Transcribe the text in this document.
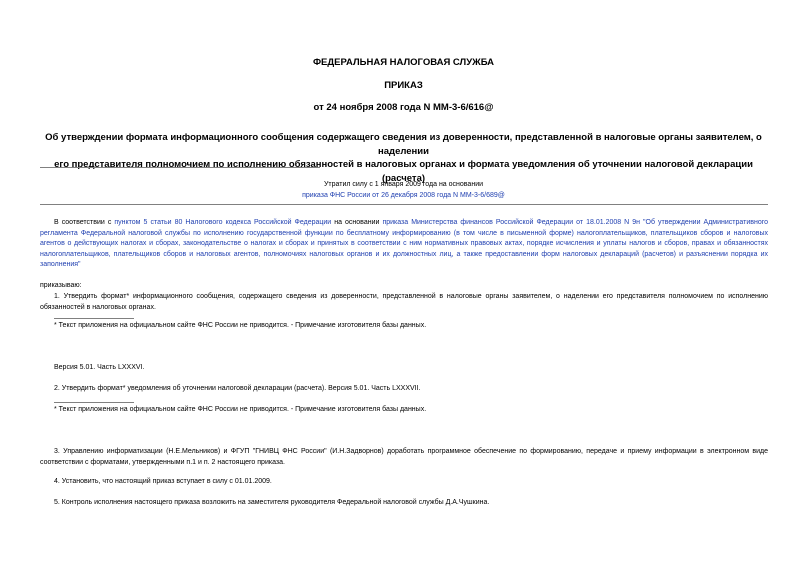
ФЕДЕРАЛЬНАЯ НАЛОГОВАЯ СЛУЖБА
ПРИКАЗ
от 24 ноября 2008 года N ММ-3-6/616@
Об утверждении формата информационного сообщения содержащего сведения из доверенности, представленной в налоговые органы заявителем, о наделении
его представителя полномочием по исполнению обязанностей в налоговых органах и формата уведомления об уточнении налоговой декларации (расчета)
Утратил силу с 1 января 2009 года на основании
приказа ФНС России от 26 декабря 2008 года N ММ-3-6/689@
В соответствии с пунктом 5 статьи 80 Налогового кодекса Российской Федерации на основании приказа Министерства финансов Российской Федерации от 18.01.2008 N 9н "Об утверждении Административного регламента Федеральной налоговой службы по исполнению государственной функции по бесплатному информированию (в том числе в письменной форме) налогоплательщиков, плательщиков сборов и налоговых агентов о действующих налогах и сборах, законодательстве о налогах и сборах и принятых в соответствии с ним нормативных правовых актах, порядке исчисления и уплаты налогов и сборов, правах и обязанностях налогоплательщиков, плательщиков сборов и налоговых агентов, полномочиях налоговых органов и их должностных лиц, а также предоставлении форм налоговых деклараций (расчетов) и разъяснении порядка их заполнения"
приказываю:
1. Утвердить формат* информационного сообщения, содержащего сведения из доверенности, представленной в налоговые органы заявителем, о наделении его представителя полномочием по исполнению обязанностей в налоговых органах.
* Текст приложения на официальном сайте ФНС России не приводится. - Примечание изготовителя базы данных.
Версия 5.01. Часть LXXXVI.
2. Утвердить формат* уведомления об уточнении налоговой декларации (расчета). Версия 5.01. Часть LXXXVII.
* Текст приложения на официальном сайте ФНС России не приводится. - Примечание изготовителя базы данных.
3. Управлению информатизации (Н.Е.Мельников) и ФГУП "ГНИВЦ ФНС России" (И.Н.Задворнов) доработать программное обеспечение по формированию, передаче и приему информации в электронном виде соответствии с форматами, утвержденными п.1 и п. 2 настоящего приказа.
4. Установить, что настоящий приказ вступает в силу с 01.01.2009.
5. Контроль исполнения настоящего приказа возложить на заместителя руководителя Федеральной налоговой службы Д.А.Чушкина.
